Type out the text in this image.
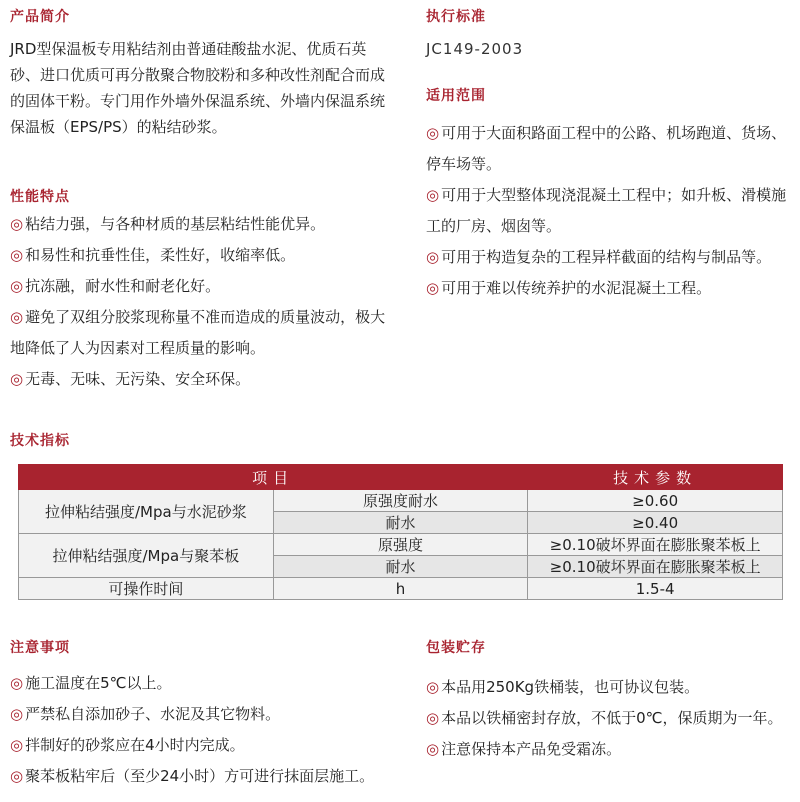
产品简介
JRD型保温板专用粘结剂由普通硅酸盐水泥、优质石英砂、进口优质可再分散聚合物胶粉和多种改性剂配合而成的固体干粉。专门用作外墙外保温系统、外墙内保温系统保温板（EPS/PS）的粘结砂浆。
执行标准
JC149-2003
适用范围
◎ 可用于大面积路面工程中的公路、机场跑道、货场、停车场等。
◎ 可用于大型整体现浇混凝土工程中；如升板、滑模施工的厂房、烟囱等。
◎ 可用于构造复杂的工程异样截面的结构与制品等。
◎ 可用于难以传统养护的水泥混凝土工程。
性能特点
◎ 粘结力强，与各种材质的基层粘结性能优异。
◎ 和易性和抗垂性佳，柔性好，收缩率低。
◎ 抗冻融，耐水性和耐老化好。
◎ 避免了双组分胶浆现称量不准而造成的质量波动，极大地降低了人为因素对工程质量的影响。
◎ 无毒、无味、无污染、安全环保。
技术指标
项目		技术参数
拉伸粘结强度/Mpa与水泥砂浆	原强度耐水	≥0.60
	耐水	≥0.40
拉伸粘结强度/Mpa与聚苯板	原强度	≥0.10破坏界面在膨胀聚苯板上
	耐水	≥0.10破坏界面在膨胀聚苯板上
可操作时间	h	1.5-4
注意事项
◎ 施工温度在5℃以上。
◎ 严禁私自添加砂子、水泥及其它物料。
◎ 拌制好的砂浆应在4小时内完成。
◎ 聚苯板粘牢后（至少24小时）方可进行抹面层施工。
包装贮存
◎ 本品用250Kg铁桶装，也可协议包装。
◎ 本品以铁桶密封存放，不低于0℃，保质期为一年。
◎ 注意保持本产品免受霜冻。
